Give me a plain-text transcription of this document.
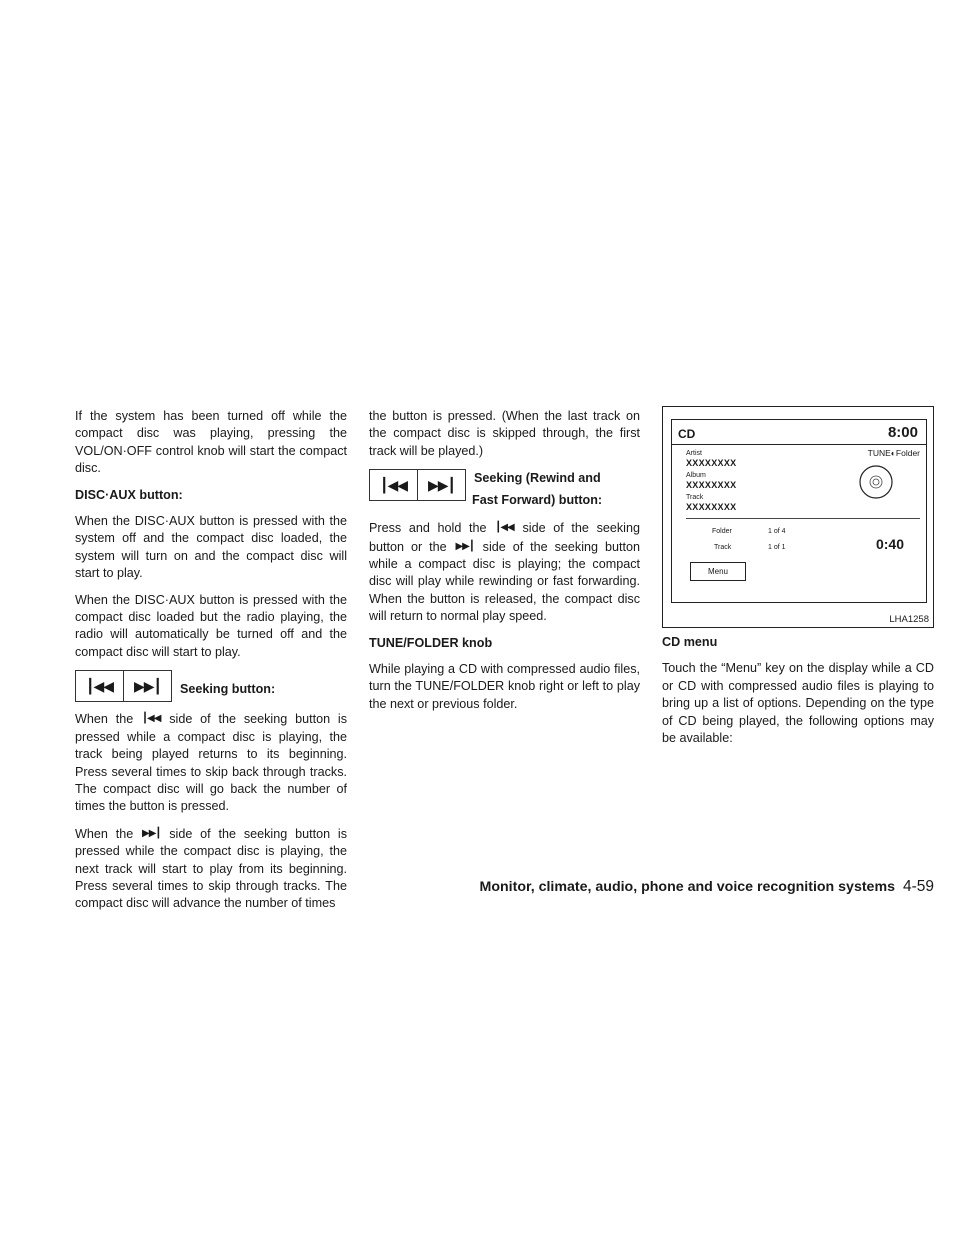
If the system has been turned off while the compact disc was playing, pressing the VOL/ON·OFF control knob will start the compact disc.

DISC·AUX button:

When the DISC·AUX button is pressed with the system off and the compact disc loaded, the system will turn on and the compact disc will start to play.

When the DISC·AUX button is pressed with the compact disc loaded but the radio playing, the radio will automatically be turned off and the compact disc will start to play.

┃◀◀	▶▶┃	Seeking button:

When the ┃◀◀ side of the seeking button is pressed while a compact disc is playing, the track being played returns to its beginning. Press several times to skip back through tracks. The compact disc will go back the number of times the button is pressed.

When the ▶▶┃ side of the seeking button is pressed while the compact disc is playing, the next track will start to play from its beginning. Press several times to skip through tracks. The compact disc will advance the number of times

the button is pressed. (When the last track on the compact disc is skipped through, the first track will be played.)

┃◀◀	▶▶┃	Seeking (Rewind and
Fast Forward) button:

Press and hold the ┃◀◀ side of the seeking button or the ▶▶┃ side of the seeking button while a compact disc is playing; the compact disc will play while rewinding or fast forwarding. When the button is released, the compact disc will return to normal play speed.

TUNE/FOLDER knob

While playing a CD with compressed audio files, turn the TUNE/FOLDER knob right or left to play the next or previous folder.

CD	8:00
TUNE◐Folder
Artist
XXXXXXXX
Album
XXXXXXXX
Track
XXXXXXXX
Folder	1 of 4
Track	1 of 1	0:40
Menu
LHA1258

CD menu

Touch the “Menu” key on the display while a CD or CD with compressed audio files is playing to bring up a list of options. Depending on the type of CD being played, the following options may be available:

Monitor, climate, audio, phone and voice recognition systems 4-59
